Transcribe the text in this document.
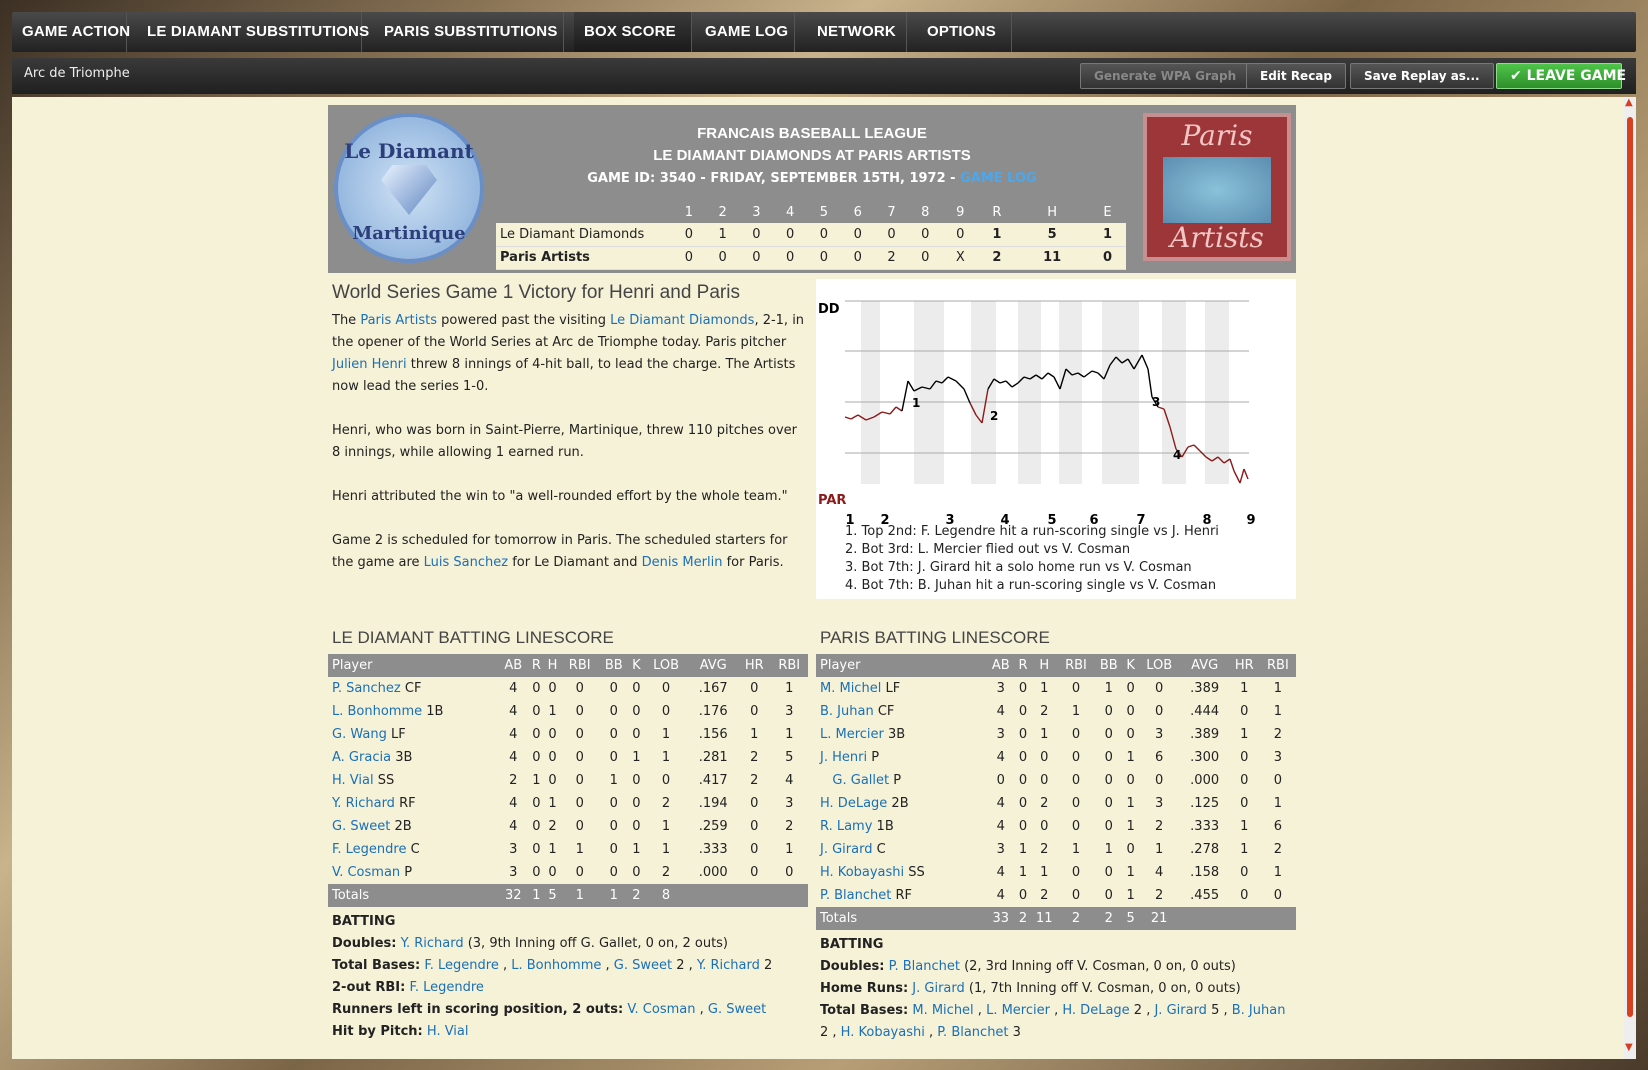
GAME ACTION	LE DIAMANT SUBSTITUTIONS PARIS SUBSTITUTIONS	BOX SCORE	GAME LOG	NETWORK	OPTIONS
Arc de Triomphe	Generate WPA Graph	Edit Recap	Save Replay as...	✔ LEAVE GAME
▲
▼
Le Diamant
Martinique
FRANCAIS BASEBALL LEAGUE
LE DIAMANT DIAMONDS AT PARIS ARTISTS
GAME ID: 3540 - FRIDAY, SEPTEMBER 15TH, 1972 - GAME LOG
	1	2	3	4	5	6	7	8	9	R	H	E
Le Diamant Diamonds	0	1	0	0	0	0	0	0	0	1	5	1
Paris Artists	0	0	0	0	0	0	2	0	X	2	11	0
Paris
Artists
World Series Game 1 Victory for Henri and Paris

The Paris Artists powered past the visiting Le Diamant Diamonds, 2-1, in the opener of the World Series at Arc de Triomphe today. Paris pitcher Julien Henri threw 8 innings of 4-hit ball, to lead the charge. The Artists now lead the series 1-0.

Henri, who was born in Saint-Pierre, Martinique, threw 110 pitches over 8 innings, while allowing 1 earned run.

Henri attributed the win to "a well-rounded effort by the whole team."

Game 2 is scheduled for tomorrow in Paris. The scheduled starters for the game are Luis Sanchez for Le Diamant and Denis Merlin for Paris.

DD
PAR
1 2	3	4	5	6	7	8	9
1
2
3
4
1. Top 2nd: F. Legendre hit a run-scoring single vs J. Henri
2. Bot 3rd: L. Mercier flied out vs V. Cosman
3. Bot 7th: J. Girard hit a solo home run vs V. Cosman
4. Bot 7th: B. Juhan hit a run-scoring single vs V. Cosman
LE DIAMANT BATTING LINESCORE
Player	AB	R	H	RBI	BB	K	LOB	AVG	HR	RBI
P. Sanchez CF	4	0	0	0	0	0	0	.167	0	1
L. Bonhomme 1B	4	0	1	0	0	0	0	.176	0	3
G. Wang LF	4	0	0	0	0	0	1	.156	1	1
A. Gracia 3B	4	0	0	0	0	1	1	.281	2	5
H. Vial SS	2	1	0	0	1	0	0	.417	2	4
Y. Richard RF	4	0	1	0	0	0	2	.194	0	3
G. Sweet 2B	4	0	2	0	0	0	1	.259	0	2
F. Legendre C	3	0	1	1	0	1	1	.333	0	1
V. Cosman P	3	0	0	0	0	0	2	.000	0	0
Totals	32	1	5	1	1	2	8			
PARIS BATTING LINESCORE
Player	AB	R	H	RBI	BB	K	LOB	AVG	HR	RBI
M. Michel LF	3	0	1	0	1	0	0	.389	1	1
B. Juhan CF	4	0	2	1	0	0	0	.444	0	1
L. Mercier 3B	3	0	1	0	0	0	3	.389	1	2
J. Henri P	4	0	0	0	0	1	6	.300	0	3
G. Gallet P	0	0	0	0	0	0	0	.000	0	0
H. DeLage 2B	4	0	2	0	0	1	3	.125	0	1
R. Lamy 1B	4	0	0	0	0	1	2	.333	1	6
J. Girard C	3	1	2	1	1	0	1	.278	1	2
H. Kobayashi SS	4	1	1	0	0	1	4	.158	0	1
P. Blanchet RF	4	0	2	0	0	1	2	.455	0	0
Totals	33	2	11	2	2	5	21			
BATTING
Doubles: Y. Richard (3, 9th Inning off G. Gallet, 0 on, 2 outs)
Total Bases: F. Legendre , L. Bonhomme , G. Sweet 2 , Y. Richard 2
2-out RBI: F. Legendre
Runners left in scoring position, 2 outs: V. Cosman , G. Sweet
Hit by Pitch: H. Vial
BATTING
Doubles: P. Blanchet (2, 3rd Inning off V. Cosman, 0 on, 0 outs)
Home Runs: J. Girard (1, 7th Inning off V. Cosman, 0 on, 0 outs)
Total Bases: M. Michel , L. Mercier , H. DeLage 2 , J. Girard 5 , B. Juhan 2 , H. Kobayashi , P. Blanchet 3
